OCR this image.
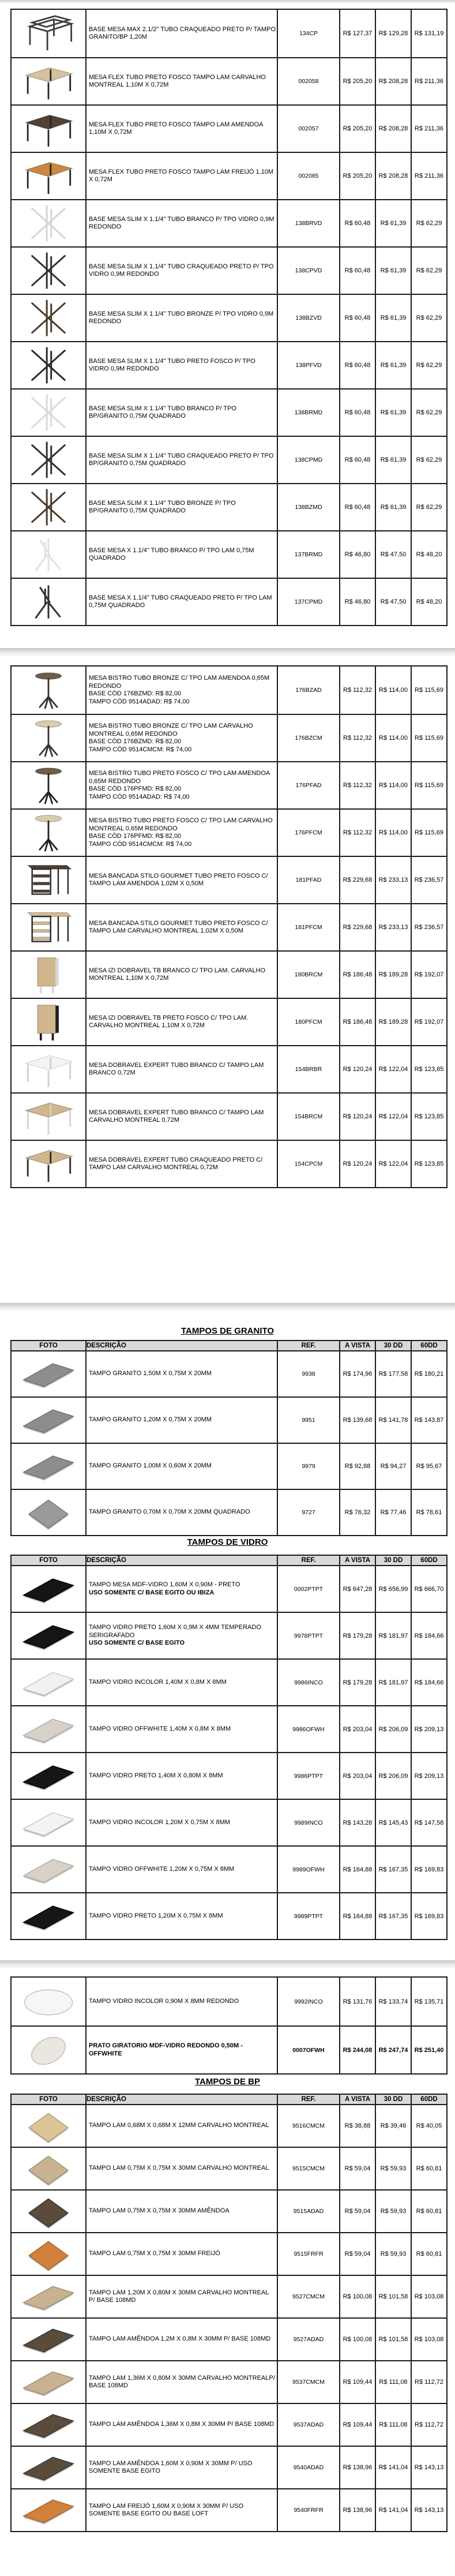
BASE MESA MAX 2.1/2" TUBO CRAQUEADO PRETO P/ TAMPO GRANITO/BP 1,20M	134CP	R$ 127,37	R$ 129,28	R$ 131,19
MESA FLEX TUBO PRETO FOSCO TAMPO LAM CARVALHO MONTREAL 1,10M X 0,72M	002058	R$ 205,20	R$ 208,28	R$ 211,36
MESA FLEX TUBO PRETO FOSCO TAMPO LAM AMENDOA 1,10M X 0,72M	002057	R$ 205,20	R$ 208,28	R$ 211,36
MESA FLEX TUBO PRETO FOSCO TAMPO LAM FREIJÓ 1,10M X 0,72M	002085	R$ 205,20	R$ 208,28	R$ 211,36
BASE MESA SLIM X 1.1/4" TUBO BRANCO P/ TPO VIDRO 0,9M REDONDO	138BRVD	R$ 60,48	R$ 61,39	R$ 62,29
BASE MESA SLIM X 1.1/4" TUBO CRAQUEADO PRETO P/ TPO VIDRO 0,9M REDONDO	138CPVD	R$ 60,48	R$ 61,39	R$ 62,29
BASE MESA SLIM X 1.1/4" TUBO BRONZE P/ TPO VIDRO 0,9M REDONDO	138BZVD	R$ 60,48	R$ 61,39	R$ 62,29
BASE MESA SLIM X 1.1/4" TUBO PRETO FOSCO P/ TPO VIDRO 0,9M REDONDO	138PFVD	R$ 60,48	R$ 61,39	R$ 62,29
BASE MESA SLIM X 1.1/4" TUBO BRANCO P/ TPO BP/GRANITO 0,75M QUADRADO	138BRMD	R$ 60,48	R$ 61,39	R$ 62,29
BASE MESA SLIM X 1.1/4" TUBO CRAQUEADO PRETO P/ TPO BP/GRANITO 0,75M QUADRADO	138CPMD	R$ 60,48	R$ 61,39	R$ 62,29
BASE MESA SLIM X 1.1/4" TUBO BRONZE P/ TPO BP/GRANITO 0,75M QUADRADO	138BZMD	R$ 60,48	R$ 61,39	R$ 62,29
BASE MESA X 1.1/4" TUBO BRANCO P/ TPO LAM 0,75M QUADRADO	137BRMD	R$ 46,80	R$ 47,50	R$ 48,20
BASE MESA X 1.1/4" TUBO CRAQUEADO PRETO P/ TPO LAM 0,75M QUADRADO	137CPMD	R$ 46,80	R$ 47,50	R$ 48,20
MESA BISTRO TUBO BRONZE C/ TPO LAM AMENDOA 0,65M REDONDO
BASE CÓD 176BZMD: R$ 82,00
TAMPO CÓD 9514ADAD: R$ 74,00
176BZAD	R$ 112,32	R$ 114,00	R$ 115,69
MESA BISTRO TUBO BRONZE C/ TPO LAM CARVALHO MONTREAL 0,65M REDONDO
BASE CÓD 176BZMD: R$ 82,00
TAMPO CÓD 9514CMCM: R$ 74,00
176BZCM	R$ 112,32	R$ 114,00	R$ 115,69
MESA BISTRO TUBO PRETO FOSCO C/ TPO LAM AMENDOA 0,65M REDONDO
BASE CÓD 176PFMD: R$ 82,00
TAMPO CÓD 9514ADAD: R$ 74,00
176PFAD	R$ 112,32	R$ 114,00	R$ 115,69
MESA BISTRO TUBO PRETO FOSCO C/ TPO LAM CARVALHO MONTREAL 0,65M REDONDO
BASE CÓD 176PFMD: R$ 82,00
TAMPO CÓD 9514CMCM: R$ 74,00
176PFCM	R$ 112,32	R$ 114,00	R$ 115,69
MESA BANCADA STILO GOURMET TUBO PRETO FOSCO C/ TAMPO LAM AMENDOA 1,02M X 0,50M	181PFAD	R$ 229,68	R$ 233,13	R$ 236,57
MESA BANCADA STILO GOURMET TUBO PRETO FOSCO C/ TAMPO LAM CARVALHO MONTREAL 1,02M X 0,50M	181PFCM	R$ 229,68	R$ 233,13	R$ 236,57
MESA IZI DOBRAVEL TB BRANCO C/ TPO LAM. CARVALHO MONTREAL 1,10M X 0,72M	180BRCM	R$ 186,48	R$ 189,28	R$ 192,07
MESA IZI DOBRAVEL TB PRETO FOSCO C/ TPO LAM. CARVALHO MONTREAL 1,10M X 0,72M	180PFCM	R$ 186,48	R$ 189,28	R$ 192,07
MESA DOBRAVEL EXPERT TUBO BRANCO C/ TAMPO LAM BRANCO 0,72M	154BRBR	R$ 120,24	R$ 122,04	R$ 123,85
MESA DOBRAVEL EXPERT TUBO BRANCO C/ TAMPO LAM CARVALHO MONTREAL 0,72M	154BRCM	R$ 120,24	R$ 122,04	R$ 123,85
MESA DOBRAVEL EXPERT TUBO CRAQUEADO PRETO C/ TAMPO LAM CARVALHO MONTREAL 0,72M	154CPCM	R$ 120,24	R$ 122,04	R$ 123,85
TAMPOS DE GRANITO
FOTO	DESCRIÇÃO	REF.	A VISTA	30 DD	60DD
TAMPO GRANITO 1,50M X 0,75M X 20MM	9938	R$ 174,96	R$ 177,58	R$ 180,21
TAMPO GRANITO 1,20M X 0,75M X 20MM	9951	R$ 139,68	R$ 141,78	R$ 143,87
TAMPO GRANITO 1,00M X 0,60M X 20MM	9979	R$ 92,88	R$ 94,27	R$ 95,67
TAMPO GRANITO 0,70M X 0,70M X 20MM QUADRADO	9727	R$ 76,32	R$ 77,46	R$ 78,61
TAMPOS DE VIDRO
FOTO	DESCRIÇÃO	REF.	A VISTA	30 DD	60DD
TAMPO MESA MDF-VIDRO 1,60M X 0,90M - PRETO
USO SOMENTE C/ BASE EGITO OU IBIZA	0002PTPT	R$ 647,28	R$ 656,99	R$ 666,70
TAMPO VIDRO PRETO 1,60M X 0,9M X 4MM TEMPERADO SERIGRAFADO
USO SOMENTE C/ BASE EGITO
9978PTPT	R$ 179,28	R$ 181,97	R$ 184,66
TAMPO VIDRO INCOLOR 1,40M X 0,8M X 8MM	9986INCO	R$ 179,28	R$ 181,97	R$ 184,66
TAMPO VIDRO OFFWHITE 1,40M X 0,8M X 8MM	9986OFWH	R$ 203,04	R$ 206,09	R$ 209,13
TAMPO VIDRO PRETO 1,40M X 0,80M X 8MM	9986PTPT	R$ 203,04	R$ 206,09	R$ 209,13
TAMPO VIDRO INCOLOR 1,20M X 0,75M X 8MM	9989INCO	R$ 143,28	R$ 145,43	R$ 147,58
TAMPO VIDRO OFFWHITE 1,20M X 0,75M X 8MM	9989OFWH	R$ 164,88	R$ 167,35	R$ 169,83
TAMPO VIDRO PRETO 1,20M X 0,75M X 8MM	9989PTPT	R$ 164,88	R$ 167,35	R$ 169,83
TAMPO VIDRO INCOLOR 0,90M X 8MM REDONDO	9992INCO	R$ 131,76	R$ 133,74	R$ 135,71
PRATO GIRATORIO MDF-VIDRO REDONDO 0,50M - OFFWHITE	0007OFWH	R$ 244,08	R$ 247,74	R$ 251,40
TAMPOS DE BP
FOTO	DESCRIÇÃO	REF.	A VISTA	30 DD	60DD
TAMPO LAM 0,68M X 0,68M X 12MM CARVALHO MONTREAL	9516CMCM	R$ 38,88	R$ 39,46	R$ 40,05
TAMPO LAM 0,75M X 0,75M X 30MM CARVALHO MONTREAL	9515CMCM	R$ 59,04	R$ 59,93	R$ 60,81
TAMPO LAM 0,75M X 0,75M X 30MM AMÊNDOA	9515ADAD	R$ 59,04	R$ 59,93	R$ 60,81
TAMPO LAM 0,75M X 0,75M X 30MM FREIJÓ	9515FRFR	R$ 59,04	R$ 59,93	R$ 60,81
TAMPO LAM 1,20M X 0,80M X 30MM CARVALHO MONTREAL P/ BASE 108MD	9527CMCM	R$ 100,08	R$ 101,58	R$ 103,08
TAMPO LAM AMÊNDOA 1,2M X 0,8M X 30MM P/ BASE 108MD	9527ADAD	R$ 100,08	R$ 101,58	R$ 103,08
TAMPO LAM 1,36M X 0,80M X 30MM CARVALHO MONTREALP/ BASE 108MD	9537CMCM	R$ 109,44	R$ 111,08	R$ 112,72
TAMPO LAM AMÊNDOA 1,36M X 0,8M X 30MM P/ BASE 108MD	9537ADAD	R$ 109,44	R$ 111,08	R$ 112,72
TAMPO LAM AMÊNDOA 1,60M X 0,90M X 30MM P/ USO SOMENTE BASE EGITO	9540ADAD	R$ 138,96	R$ 141,04	R$ 143,13
TAMPO LAM FREIJÓ 1,60M X 0,90M X 30MM P/ USO SOMENTE BASE EGITO OU BASE LOFT	9540FRFR	R$ 138,96	R$ 141,04	R$ 143,13
